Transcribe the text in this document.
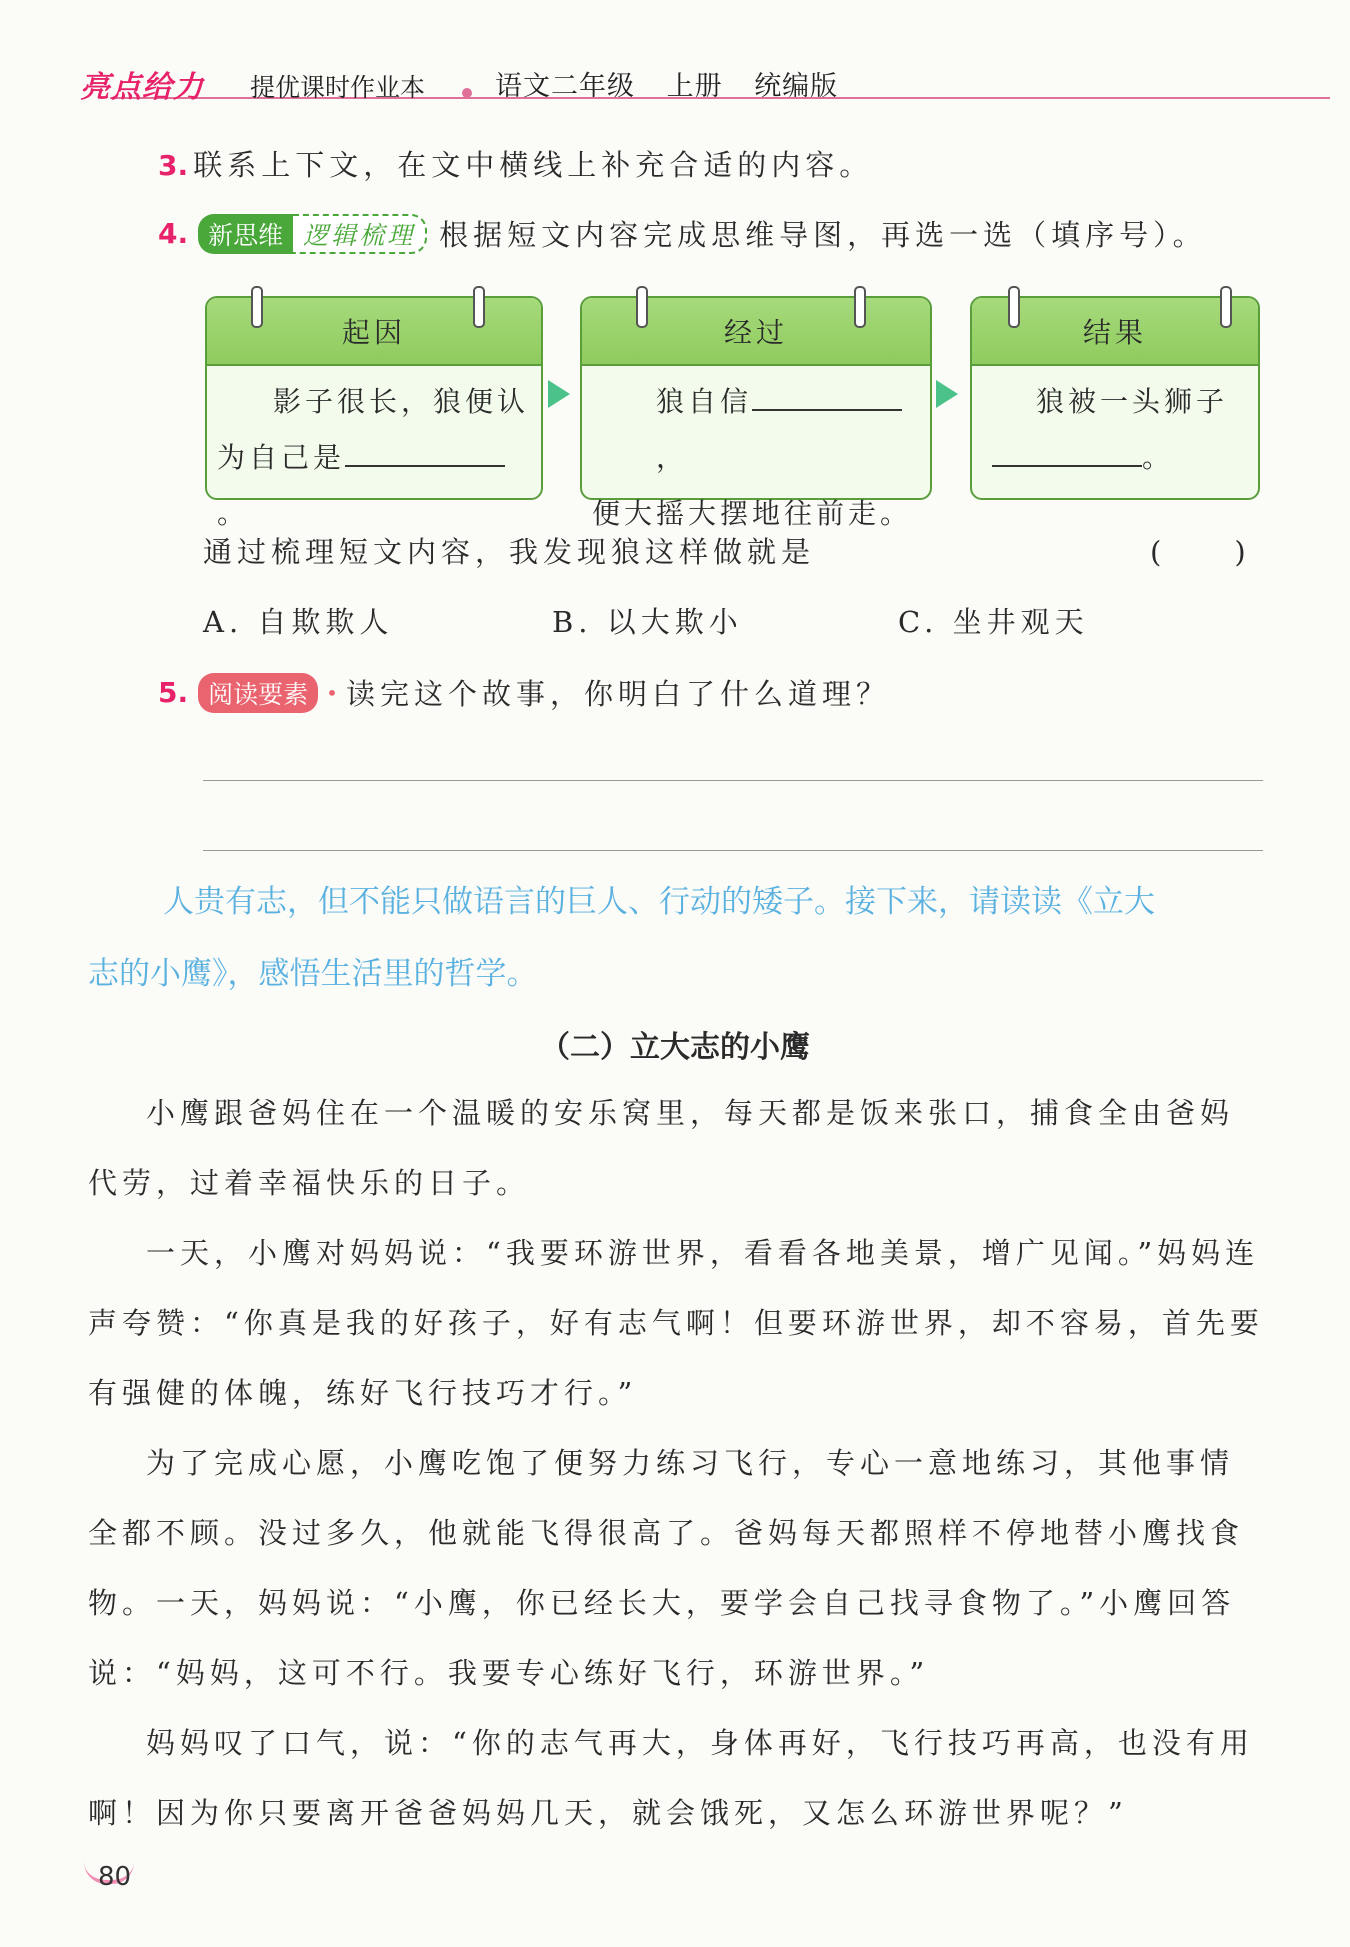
亮点给力 提优课时作业本	语文二年级 上册 统编版
3. 联系上下文，在文中横线上补充合适的内容。
4. 新思维 逻辑梳理 根据短文内容完成思维导图，再选一选（填序号）。
起因
影子很长，狼便认
为自己是。
经过
狼自信，
便大摇大摆地往前走。
结果
狼被一头狮子
。
通过梳理短文内容，我发现狼这样做就是	(　　)
A. 自欺欺人	B. 以大欺小	C. 坐井观天
5. 阅读要素 • 读完这个故事，你明白了什么道理？
人贵有志，但不能只做语言的巨人、行动的矮子。接下来，请读读《立大
志的小鹰》，感悟生活里的哲学。
（二）立大志的小鹰

小鹰跟爸妈住在一个温暖的安乐窝里，每天都是饭来张口，捕食全由爸妈代劳，过着幸福快乐的日子。

一天，小鹰对妈妈说：“我要环游世界，看看各地美景，增广见闻。”妈妈连声夸赞：“你真是我的好孩子，好有志气啊！但要环游世界，却不容易，首先要有强健的体魄，练好飞行技巧才行。”

为了完成心愿，小鹰吃饱了便努力练习飞行，专心一意地练习，其他事情全都不顾。没过多久，他就能飞得很高了。爸妈每天都照样不停地替小鹰找食物。一天，妈妈说：“小鹰，你已经长大，要学会自己找寻食物了。”小鹰回答说：“妈妈，这可不行。我要专心练好飞行，环游世界。”

妈妈叹了口气，说：“你的志气再大，身体再好，飞行技巧再高，也没有用啊！因为你只要离开爸爸妈妈几天，就会饿死，又怎么环游世界呢？”

80
